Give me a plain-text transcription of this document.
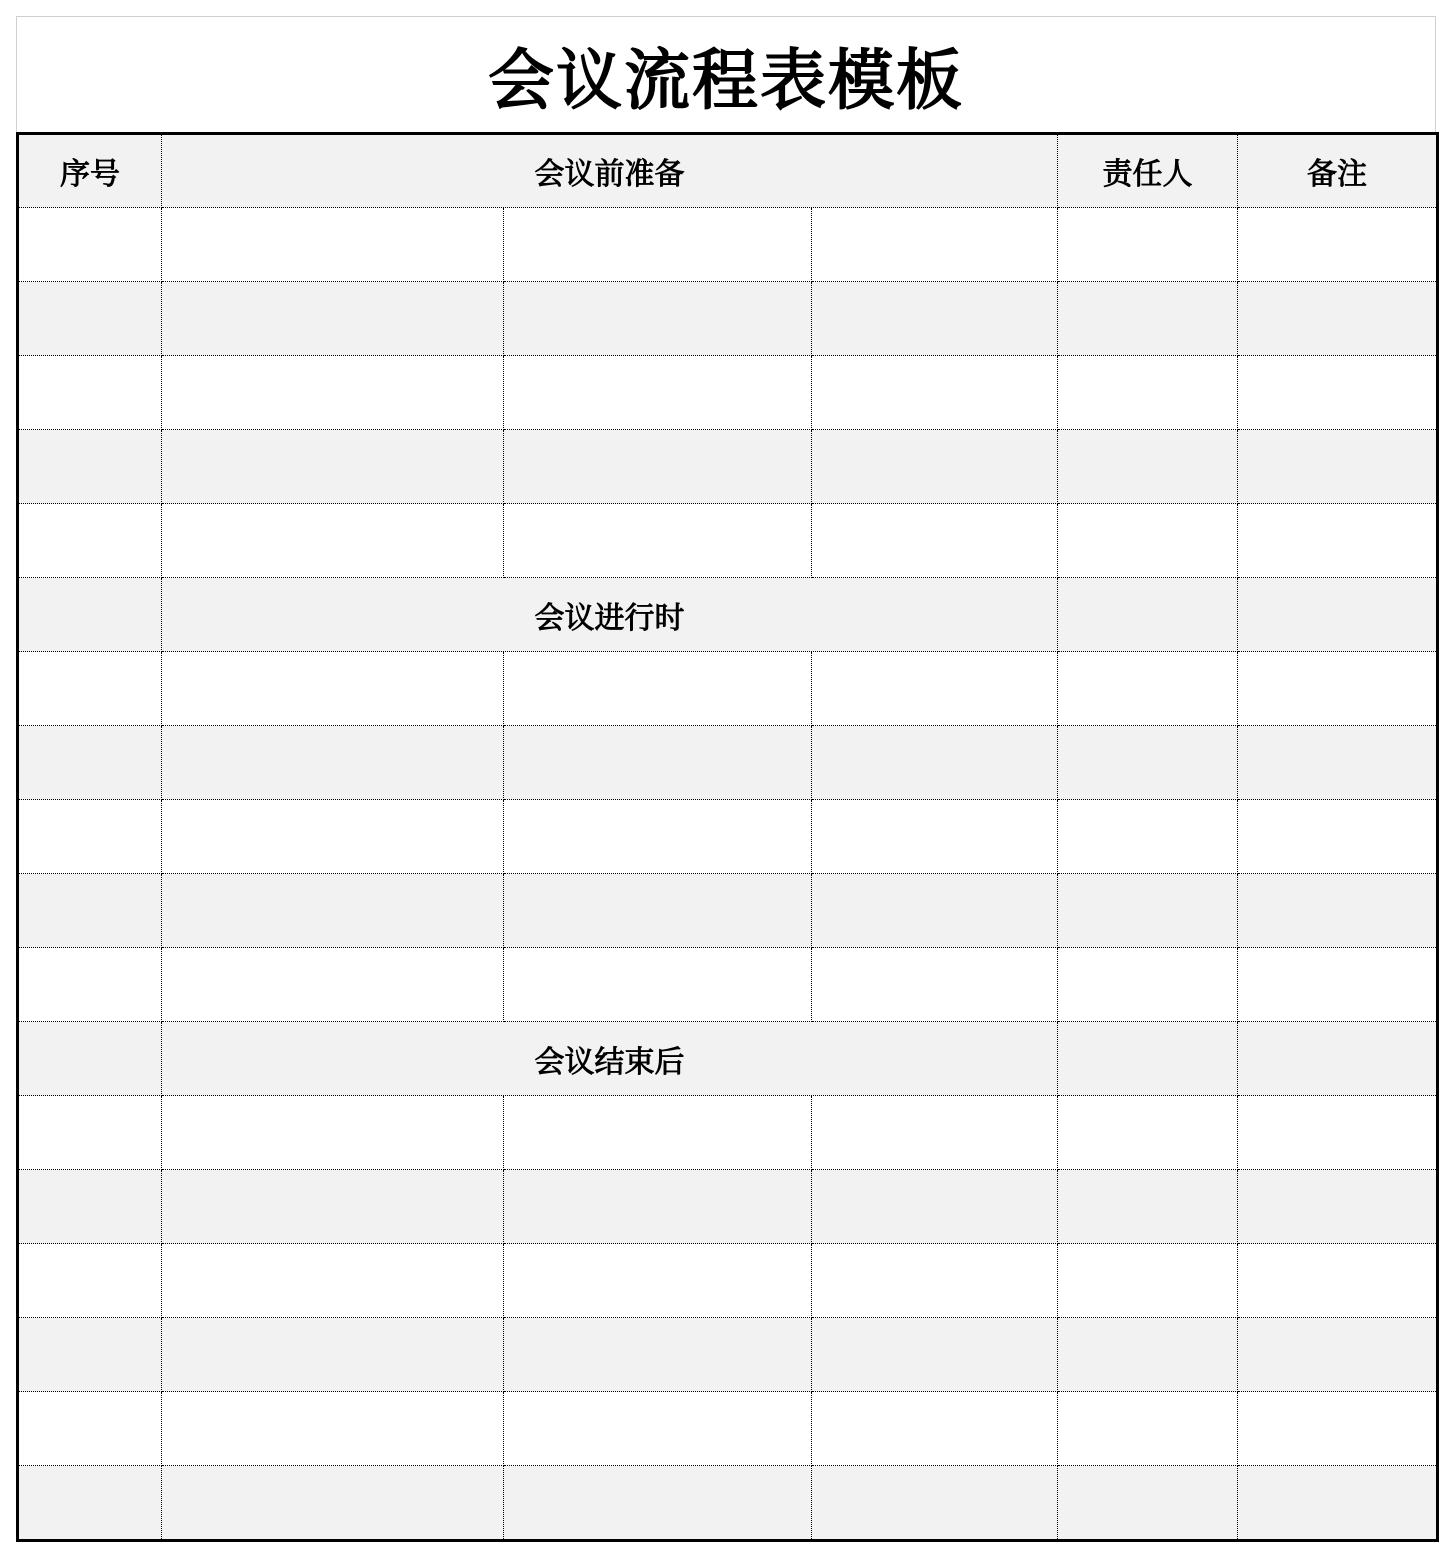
会议流程表模板
序号	会议前准备			责任人	备注

	会议进行时				

	会议结束后				
